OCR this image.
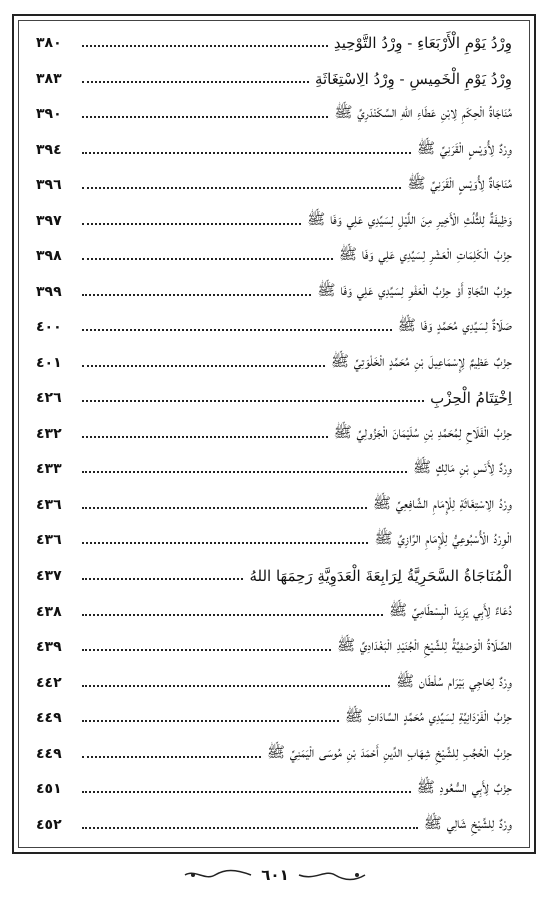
وِرْدُ يَوْمِ الْأَرْبَعَاءِ - وِرْدُ التَّوْحِيدِ
٣٨٠
وِرْدُ يَوْمِ الْخَمِيسِ - وِرْدُ الِاسْتِغَاثَةِ
٣٨٣
مُنَاجَاةُ الْحِكَمِ لِابْنِ عَطَاءِ اللهِ السَّكَنْدَرِيِّ ﷺ
٣٩٠
وِرْدٌ لِأُوَيْسٍ الْقَرَنِيِّ ﷺ
٣٩٤
مُنَاجَاةٌ لِأُوَيْسٍ الْقَرَنِيِّ ﷺ
٣٩٦
وَظِيفَةٌ لِلثُّلُثِ الْأَخِيرِ مِنَ اللَّيْلِ لِسَيِّدِي عَلِي وَفَا ﷺ
٣٩٧
حِزْبُ الْكَلِمَاتِ الْعَشْرِ لِسَيِّدِي عَلِي وَفَا ﷺ
٣٩٨
حِزْبُ النَّجَاةِ أَوْ حِزْبُ الْعَفْوِ لِسَيِّدِي عَلِي وَفَا ﷺ
٣٩٩
صَلَاةٌ لِسَيِّدِي مُحَمَّدٍ وَفَا ﷺ
٤٠٠
حِزْبٌ عَظِيمٌ لِإِسْمَاعِيلَ بْنِ مُحَمَّدٍ الْخَلْوَتِيِّ ﷺ
٤٠١
اِخْتِتَامُ الْحِزْبِ
٤٢٦
حِزْبُ الْفَلَاحِ لِمُحَمَّدِ بْنِ سُلَيْمَانَ الْجَزُولِيِّ ﷺ
٤٣٢
وِرْدٌ لِأَنَسِ بْنِ مَالِكٍ ﷺ
٤٣٣
وِرْدُ الِاسْتِغَاثَةِ لِلْإِمَامِ الشَّافِعِيِّ ﷺ
٤٣٦
الْوِرْدُ الْأُسْبُوعِيُّ لِلْإِمَامِ الرَّازِيِّ ﷺ
٤٣٦
الْمُنَاجَاةُ السَّحَرِيَّةُ لِرَابِعَةَ الْعَدَوِيَّةِ رَحِمَهَا اللهُ
٤٣٧
دُعَاءٌ لِأَبِي يَزِيدَ الْبِسْطَامِيِّ ﷺ
٤٣٨
الصَّلَاةُ الْوَصْفِيَّةُ لِلشَّيْخِ الْجُنَيْدِ الْبَغْدَادِيِّ ﷺ
٤٣٩
وِرْدٌ لِحَاجِي بَيْرَام سُلْطَان ﷺ
٤٤٢
حِزْبُ الْفَرْدَانِيَّةِ لِسَيِّدِي مُحَمَّدٍ السَّادَاتِ ﷺ
٤٤٩
حِزْبُ الْحُجُبِ لِلشَّيْخِ شِهَابِ الدِّينِ أَحْمَدَ بْنِ مُوسَى الْيَمَنِيِّ ﷺ
٤٤٩
حِزْبٌ لِأَبِي السُّعُودِ ﷺ
٤٥١
وِرْدٌ لِلشَّيْخِ شَالِي ﷺ
٤٥٢
٦٠١
